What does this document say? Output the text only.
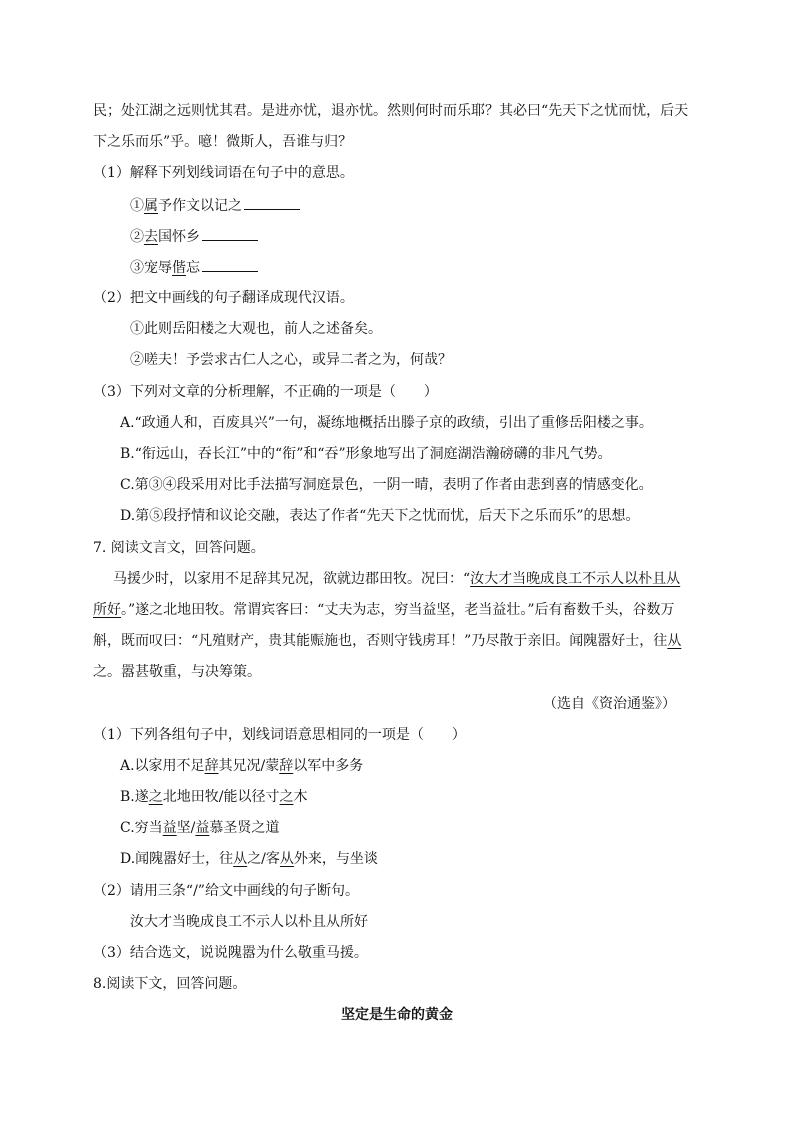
民；处江湖之远则忧其君。是进亦忧，退亦忧。然则何时而乐耶？其必曰“先天下之忧而忧，后天
下之乐而乐”乎。噫！微斯人，吾谁与归？
（1）解释下列划线词语在句子中的意思。
①属予作文以记之
②去国怀乡
③宠辱偕忘
（2）把文中画线的句子翻译成现代汉语。
①此则岳阳楼之大观也，前人之述备矣。
②嗟夫！予尝求古仁人之心，或异二者之为，何哉？
（3）下列对文章的分析理解，不正确的一项是（　　）
A.“政通人和，百废具兴”一句，凝练地概括出滕子京的政绩，引出了重修岳阳楼之事。
B.“衔远山，吞长江”中的“衔”和“吞”形象地写出了洞庭湖浩瀚磅礴的非凡气势。
C.第③④段采用对比手法描写洞庭景色，一阴一晴，表明了作者由悲到喜的情感变化。
D.第⑤段抒情和议论交融，表达了作者“先天下之忧而忧，后天下之乐而乐”的思想。
7. 阅读文言文，回答问题。
马援少时，以家用不足辞其兄况，欲就边郡田牧。况曰：“汝大才当晚成良工不示人以朴且从
所好。”遂之北地田牧。常谓宾客曰：“丈夫为志，穷当益坚，老当益壮。”后有畜数千头，谷数万
斛，既而叹曰：“凡殖财产，贵其能赈施也，否则守钱虏耳！”乃尽散于亲旧。闻隗嚣好士，往从
之。嚣甚敬重，与决筹策。
（选自《资治通鉴》）
（1）下列各组句子中，划线词语意思相同的一项是（　　）
A.以家用不足辞其兄况/蒙辞以军中多务
B.遂之北地田牧/能以径寸之木
C.穷当益坚/益慕圣贤之道
D.闻隗嚣好士，往从之/客从外来，与坐谈
（2）请用三条“/”给文中画线的句子断句。
汝大才当晚成良工不示人以朴且从所好
（3）结合选文，说说隗嚣为什么敬重马援。
8.阅读下文，回答问题。
坚定是生命的黄金
